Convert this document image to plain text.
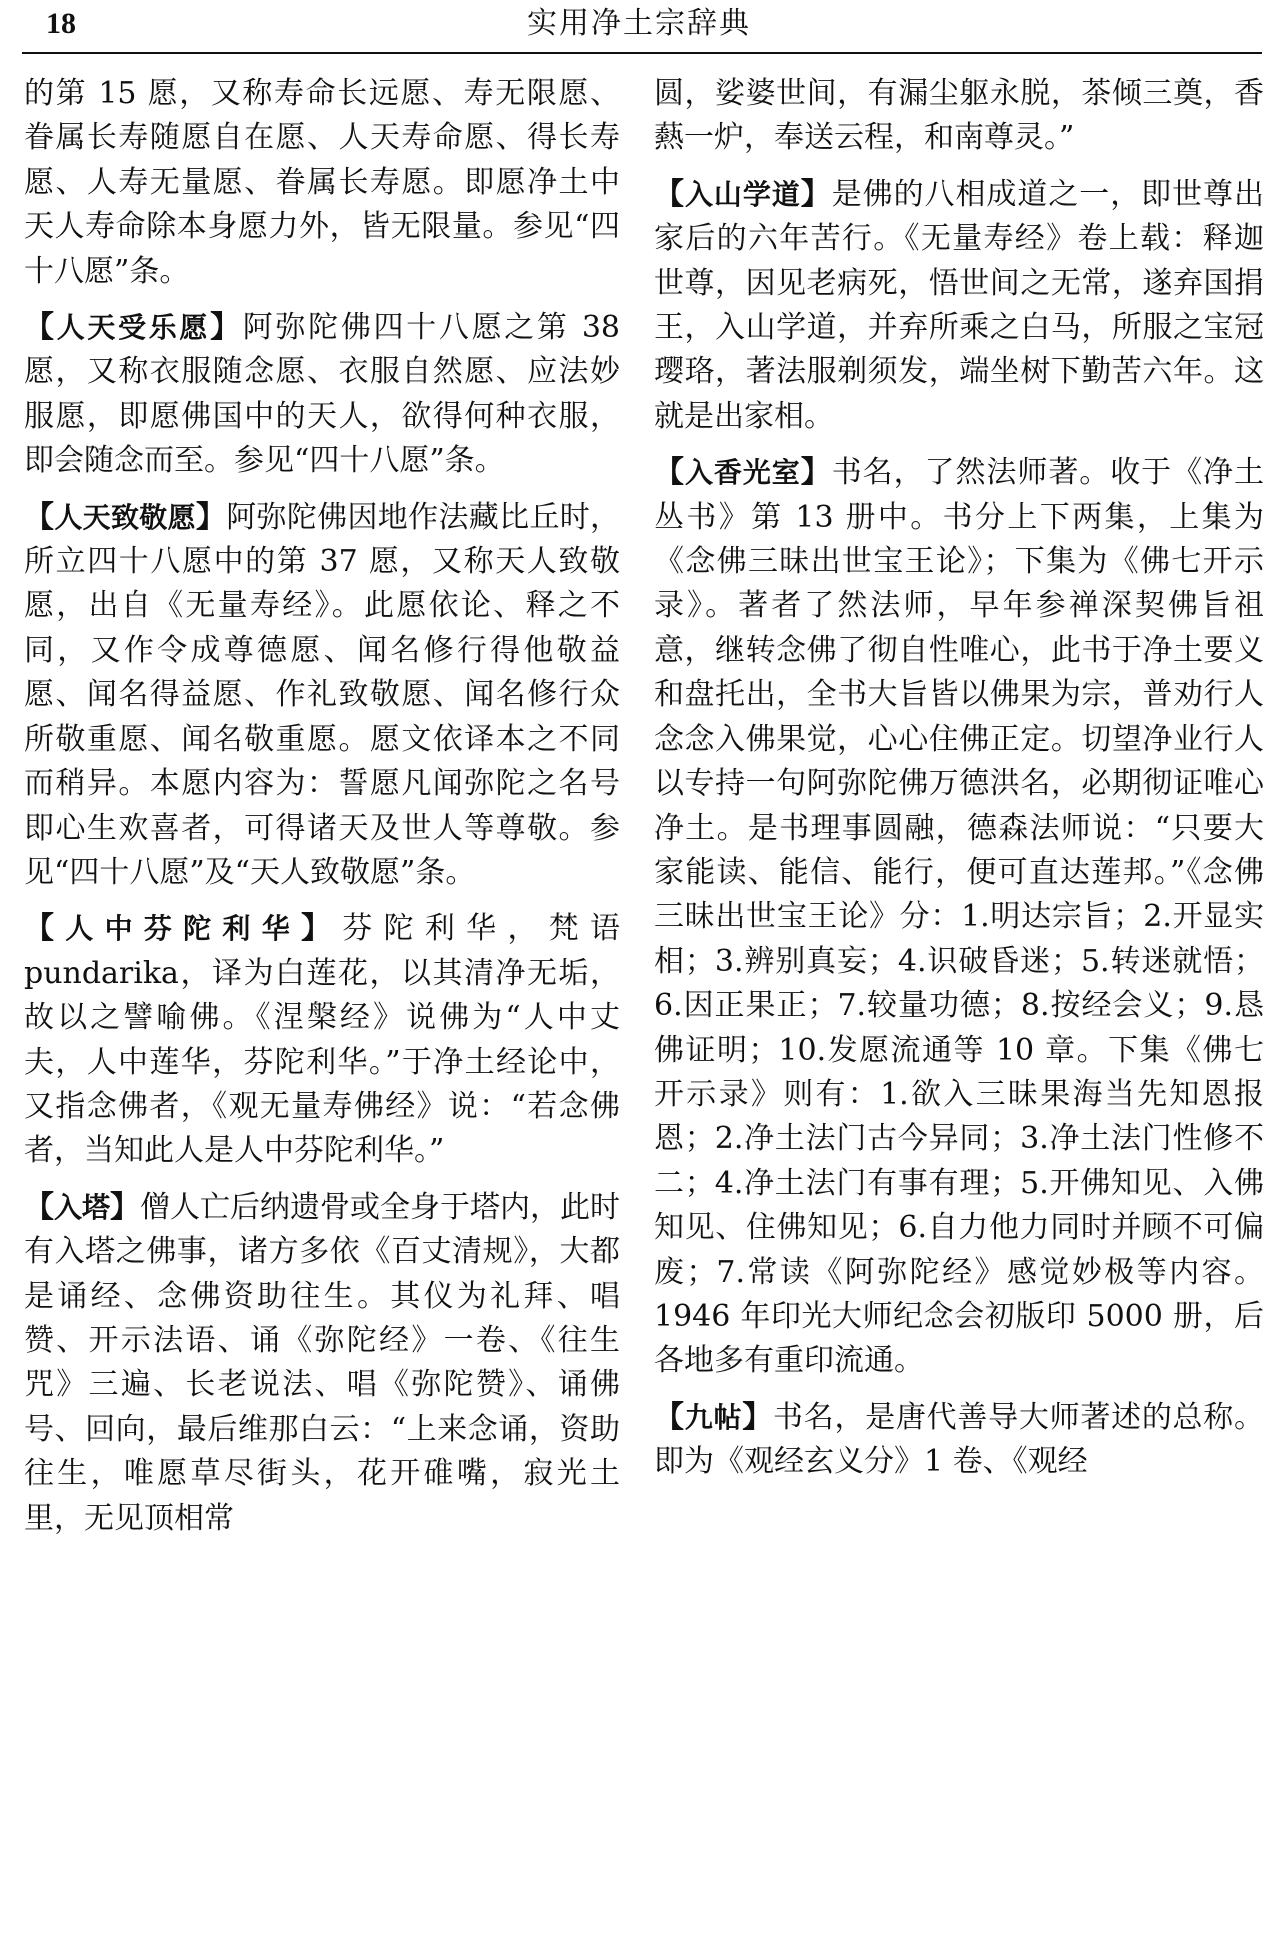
18	实用净土宗辞典

的第 15 愿，又称寿命长远愿、寿无限愿、眷属长寿随愿自在愿、人天寿命愿、得长寿愿、人寿无量愿、眷属长寿愿。即愿净土中天人寿命除本身愿力外，皆无限量。参见“四十八愿”条。

【人天受乐愿】阿弥陀佛四十八愿之第 38 愿，又称衣服随念愿、衣服自然愿、应法妙服愿，即愿佛国中的天人，欲得何种衣服，即会随念而至。参见“四十八愿”条。

【人天致敬愿】阿弥陀佛因地作法藏比丘时，所立四十八愿中的第 37 愿，又称天人致敬愿，出自《无量寿经》。此愿依论、释之不同，又作令成尊德愿、闻名修行得他敬益愿、闻名得益愿、作礼致敬愿、闻名修行众所敬重愿、闻名敬重愿。愿文依译本之不同而稍异。本愿内容为：誓愿凡闻弥陀之名号即心生欢喜者，可得诸天及世人等尊敬。参见“四十八愿”及“天人致敬愿”条。

【人中芬陀利华】芬陀利华，梵语 pundarika，译为白莲花，以其清净无垢，故以之譬喻佛。《涅槃经》说佛为“人中丈夫，人中莲华，芬陀利华。”于净土经论中，又指念佛者，《观无量寿佛经》说：“若念佛者，当知此人是人中芬陀利华。”

【入塔】僧人亡后纳遗骨或全身于塔内，此时有入塔之佛事，诸方多依《百丈清规》，大都是诵经、念佛资助往生。其仪为礼拜、唱赞、开示法语、诵《弥陀经》一卷、《往生咒》三遍、长老说法、唱《弥陀赞》、诵佛号、回向，最后维那白云：“上来念诵，资助往生，唯愿草尽街头，花开碓嘴，寂光土里，无见顶相常

圆，娑婆世间，有漏尘躯永脱，茶倾三奠，香爇一炉，奉送云程，和南尊灵。”

【入山学道】是佛的八相成道之一，即世尊出家后的六年苦行。《无量寿经》卷上载：释迦世尊，因见老病死，悟世间之无常，遂弃国捐王，入山学道，并弃所乘之白马，所服之宝冠璎珞，著法服剃须发，端坐树下勤苦六年。这就是出家相。

【入香光室】书名，了然法师著。收于《净土丛书》第 13 册中。书分上下两集，上集为《念佛三昧出世宝王论》；下集为《佛七开示录》。著者了然法师，早年参禅深契佛旨祖意，继转念佛了彻自性唯心，此书于净土要义和盘托出，全书大旨皆以佛果为宗，普劝行人念念入佛果觉，心心住佛正定。切望净业行人以专持一句阿弥陀佛万德洪名，必期彻证唯心净土。是书理事圆融，德森法师说：“只要大家能读、能信、能行，便可直达莲邦。”《念佛三昧出世宝王论》分：1.明达宗旨；2.开显实相；3.辨别真妄；4.识破昏迷；5.转迷就悟；6.因正果正；7.较量功德；8.按经会义；9.恳佛证明；10.发愿流通等 10 章。下集《佛七开示录》则有：1.欲入三昧果海当先知恩报恩；2.净土法门古今异同；3.净土法门性修不二；4.净土法门有事有理；5.开佛知见、入佛知见、住佛知见；6.自力他力同时并顾不可偏废；7.常读《阿弥陀经》感觉妙极等内容。1946 年印光大师纪念会初版印 5000 册，后各地多有重印流通。

【九帖】书名，是唐代善导大师著述的总称。即为《观经玄义分》1 卷、《观经
